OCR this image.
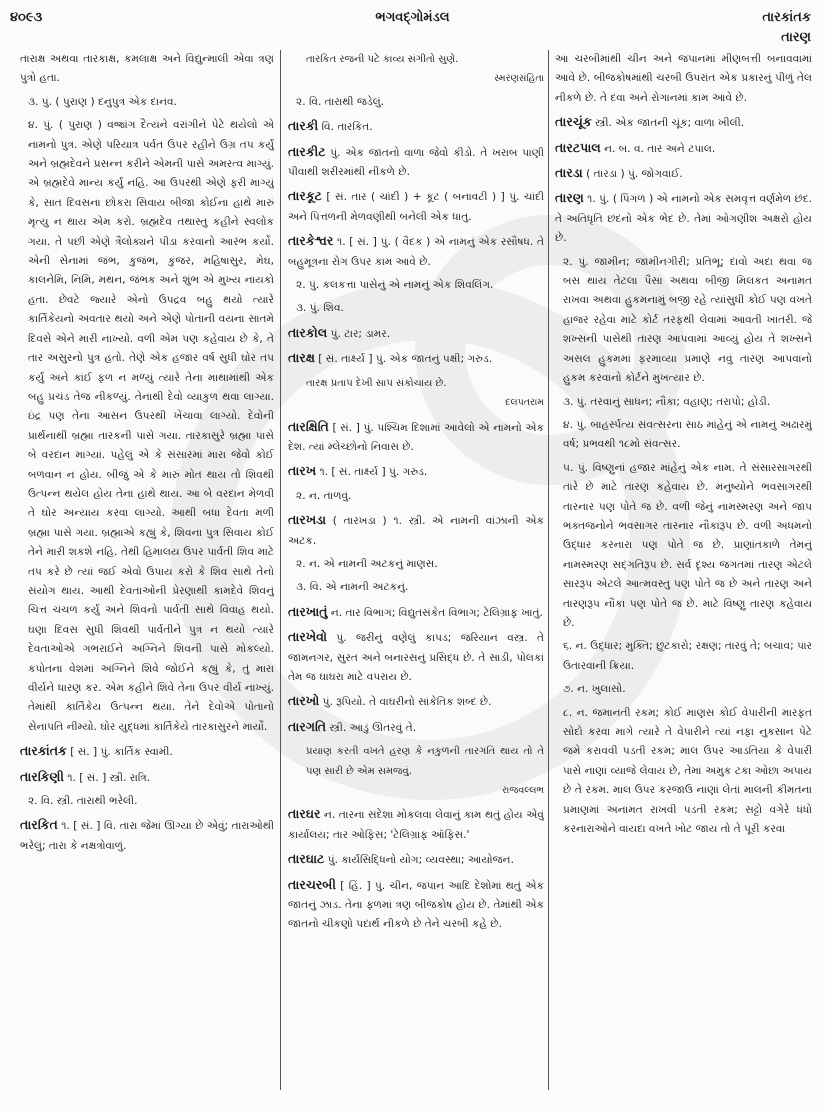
૪૦૯૩	ભગવદ્ગોમંડલ	તારકાંતક
તારણ
તારાક્ષ અથવા તારકાક્ષ, કમલાક્ષ અને વિદ્યુન્માલી એવા ત્રણ પુત્રો હતા.
૩. પું. ( પુરાણ ) દનુપુત્ર એક દાનવ.
૪. પું. ( પુરાણ ) વજ્રાંગ દૈત્યને વરાંગીને પેટે થયેલો એ નામનો પુત્ર. એણે પરિયાત્ર પર્વત ઉપર રહીને ઉગ્ર તપ કર્યું અને બ્રહ્મદેવને પ્રસન્ન કરીને એમની પાસે અમરત્વ માગ્યું. એ બ્રહ્મદેવે માન્ય કર્યું નહિ. આ ઉપરથી એણે ફરી માગ્યું કે, સાત દિવસના છોકરા સિવાય બીજા કોઈના હાથે મારું મૃત્યુ ન થાય એમ કરો. બ્રહ્મદેવ તથાસ્તુ કહીને સ્વલોક ગયા. તે પછી એણે ત્રૈલોક્યને પીડા કરવાનો આરંભ કર્યો. એની સેનામાં જંભ, કુજંભ, કુંજર, મહિષાસુર, મેઘ, કાલનેમિ, નિમિ, મથન, જંભક અને શુંભ એ મુખ્ય નાયકો હતા. છેવટે જ્યારે એનો ઉપદ્રવ બહુ થયો ત્યારે કાર્તિકેયનો અવતાર થયો અને એણે પોતાની વયના સાતમે દિવસે એને મારી નાખ્યો. વળી એમ પણ કહેવાય છે કે, તે તાર અસુરનો પુત્ર હતો. તેણે એક હજાર વર્ષ સુધી ઘોર તપ કર્યું અને કાંઈ ફળ ન મળ્યું ત્યારે તેના માથામાંથી એક બહુ પ્રચંડ તેજ નીકળ્યું. તેનાથી દેવો વ્યાકુળ થવા લાગ્યા. ઇંદ્ર પણ તેના આસન ઉપરથી ખેંચાવા લાગ્યો. દેવોની પ્રાર્થનાથી બ્રહ્મા તારકની પાસે ગયા. તારકાસુરે બ્રહ્મા પાસે બે વરદાન માગ્યાં. પહેલું એ કે સંસારમાં મારા જેવો કોઈ બળવાન ન હોય. બીજું એ કે મારું મોત થાય તો શિવથી ઉત્પન્ન થયેલ હોય તેના હાથે થાય. આ બે વરદાન મેળવી તે ઘોર અન્યાય કરવા લાગ્યો. આથી બધા દેવતા મળી બ્રહ્મા પાસે ગયા. બ્રહ્માએ કહ્યું કે, શિવના પુત્ર સિવાય કોઈ તેને મારી શકશે નહિ. તેથી હિમાલય ઉપર પાર્વતી શિવ માટે તપ કરે છે ત્યાં જઈ એવો ઉપાય કરો કે શિવ સાથે તેનો સંયોગ થાય. આથી દેવતાઓની પ્રેરણાથી કામદેવે શિવનું ચિત્ત ચંચળ કર્યું અને શિવનો પાર્વતી સાથે વિવાહ થયો. ઘણા દિવસ સુધી શિવથી પાર્વતીને પુત્ર ન થયો ત્યારે દેવતાઓએ ગભરાઈને અગ્નિને શિવની પાસે મોકલ્યો. કપોતના વેશમાં અગ્નિને શિવે જોઈને કહ્યું કે, તું મારા વીર્યને ધારણ કર. એમ કહીને શિવે તેના ઉપર વીર્ય નાખ્યું. તેમાંથી કાર્તિકેય ઉત્પન્ન થયા. તેને દેવોએ પોતાનો સેનાપતિ નીમ્યો. ઘોર યુદ્ધમાં કાર્તિકેયે તારકાસુરને માર્યો.
તારકાંતક [ સં. ] પું. કાર્તિક સ્વામી.
તારકિણી ૧. [ સં. ] સ્ત્રી. રાત્રિ.
૨. વિ. સ્ત્રી. તારાથી ભરેલી.
તારકિત ૧. [ સં. ] વિ. તારા જેમાં ઊગ્યા છે એવું; તારાઓથી ભરેલું; તારા કે નક્ષત્રોવાળું.
તારકિત રજની પટે કાવ્ય સંગીતો સુણે.
સ્મરણસંહિતા
૨. વિ. તારાથી જડેલું.
તારકી વિ. તારકિત.
તારકીટ પું. એક જાતનો વાળા જેવો કીડો. તે ખરાબ પાણી પીવાથી શરીરમાંથી નીકળે છે.
તારકૂટ [ સં. તાર ( ચાંદી ) + કૂટ ( બનાવટી ) ] પું. ચાંદી અને પિત્તળની મેળવણીથી બનેલી એક ધાતુ.
તારકેશ્વર ૧. [ સં. ] પું. ( વૈદક ) એ નામનું એક રસૌષધ. તે બહુમૂત્રના રોગ ઉપર કામ આવે છે.
૨. પું. કલકત્તા પાસેનું એ નામનું એક શિવલિંગ.
૩. પું. શિવ.
તારકોલ પું. ટાર; ડામર.
તારક્ષ [ સં. તાર્ક્ષ્ય ] પું. એક જાતનું પક્ષી; ગરુડ.
તારક્ષ પ્રતાપ દેખી સાપ સંકોચાય છે.
દલપતરામ
તારક્ષિતિ [ સં. ] પું. પશ્ચિમ દિશામાં આવેલો એ નામનો એક દેશ. ત્યાં મ્લેચ્છોનો નિવાસ છે.
તારખ ૧. [ સં. તાર્ક્ષ્ય ] પું. ગરુડ.
૨. ન. તાળવું.
તારખડા ( તારખડા ) ૧. સ્ત્રી. એ નામની વાંઝાની એક અટક.
૨. ન. એ નામની અટકનું માણસ.
૩. વિ. એ નામની અટકનું.
તારખાતું ન. તાર વિભાગ; વિદ્યુતસંકેત વિભાગ; ટેલિગ્રાફ ખાતું.
તારખેવો પું. જરીનું વણેલું કાપડ; જરિયાન વસ્ત્ર. તે જામનગર, સુરત અને બનારસનું પ્રસિદ્ધ છે. તે સાડી, પોલકાં તેમ જ ઘાઘરા માટે વપરાય છે.
તારખો પું. રૂપિયો. તે વાઘરીનો સાંકેતિક શબ્દ છે.
તારગતિ સ્ત્રી. આડું ઊતરવું તે.
પ્રયાણ કરતી વખતે હરણ કે નકુળની તારગતિ થાય તો તે પણ સારી છે એમ સમજવું.
રાજવલ્લભ
તારઘર ન. તારના સંદેશા મોકલવા લેવાનું કામ થતું હોય એવું કાર્યાલય; તાર ઓફિસ; 'ટેલિગ્રાફ ઑફિસ.'
તારઘાટ પું. કાર્યસિદ્ધિનો યોગ; વ્યવસ્થા; આયોજન.
તારચરબી [ હિં. ] પું. ચીન, જપાન આદિ દેશોમાં થતું એક જાતનું ઝાડ. તેના ફળમાં ત્રણ બીજકોષ હોય છે. તેમાંથી એક જાતનો ચીકણો પદાર્થ નીકળે છે તેને ચરબી કહે છે.
આ ચરબીમાંથી ચીન અને જપાનમાં મીણબત્તી બનાવવામાં આવે છે. બીજકોષમાંથી ચરબી ઉપરાંત એક પ્રકારનું પીળું તેલ નીકળે છે. તે દવા અને રોગાનમાં કામ આવે છે.
તારચૂંક સ્ત્રી. એક જાતની ચૂંક; વાળા ખીલી.
તારટપાલ ન. બ. વ. તાર અને ટપાલ.
તારડા ( તારડા ) પું. જોગવાઈ.
તારણ ૧. પું. ( પિંગળ ) એ નામનો એક સમવૃત્ત વર્ણમેળ છંદ. તે અતિધૃતિ છંદનો એક ભેદ છે. તેમાં ઓગણીશ અક્ષરો હોય છે.
૨. પું. જામીન; જામીનગીરી; પ્રતિભૂ; દાવો અદા થવા જ બસ થાય તેટલા પૈસા અથવા બીજી મિલકત અનામત રાખવા અથવા હુકમનામું બજી રહે ત્યાંસુધી કોઈ પણ વખતે હાજર રહેવા માટે કોર્ટ તરફથી લેવામાં આવતી ખાતરી. જે શખ્સની પાસેથી તારણ આપવામાં આવ્યું હોય તે શખ્સને અસલ હુકમમાં ફરમાવ્યા પ્રમાણે નવું તારણ આપવાનો હુકમ કરવાનો કોર્ટને મુખત્યાર છે.
૩. પું. તરવાનું સાધન; નૌકા; વહાણ; તરાપો; હોડી.
૪. પું. બાહર્સ્પત્ય સંવત્સરના સાઠ માંહેનું એ નામનું અઢારમું વર્ષ; પ્રભવથી ૧૮મો સંવત્સર.
૫. પું. વિષ્ણુનાં હજાર માંહેનું એક નામ. તે સંસારસાગરથી તારે છે માટે તારણ કહેવાય છે. મનુષ્યોને ભવસાગરથી તારનાર પણ પોતે જ છે. વળી જેનું નામસ્મરણ અને જાપ ભક્તજનોને ભવસાગર તારનાર નૌકારૂપ છે. વળી અધમનો ઉદ્ધાર કરનારા પણ પોતે જ છે. પ્રાણાંતકાળે તેમનું નામસ્મરણ સદ્ગતિરૂપ છે. સર્વ દૃશ્ય જગતમાં તારણ એટલે સારરૂપ એટલે આત્મવસ્તુ પણ પોતે જ છે અને તારણ અને તારણરૂપ નૌકા પણ પોતે જ છે. માટે વિષ્ણુ તારણ કહેવાય છે.
૬. ન. ઉદ્ધાર; મુક્તિ; છુટકારો; રક્ષણ; તારવું તે; બચાવ; પાર ઉતારવાની ક્રિયા.
૭. ન. ખુલાસો.
૮. ન. જમાનતી રકમ; કોઈ માણસ કોઈ વેપારીની મારફત સોદો કરવા માગે ત્યારે તે વેપારીને ત્યાં નફા નુકસાન પેટે જમે કરાવવી પડતી રકમ; માલ ઉપર આડતિયા કે વેપારી પાસે નાણાં વ્યાજે લેવાય છે, તેમાં અમુક ટકા ઓછા અપાય છે તે રકમ. માલ ઉપર કરજાઉ નાણાં લેતાં માલની કીમતના પ્રમાણમાં અનામત રાખવી પડતી રકમ; સટ્ટો વગેરે ધંધો કરનારાઓને વાયદા વખતે ખોટ જાય તો તે પૂરી કરવા
